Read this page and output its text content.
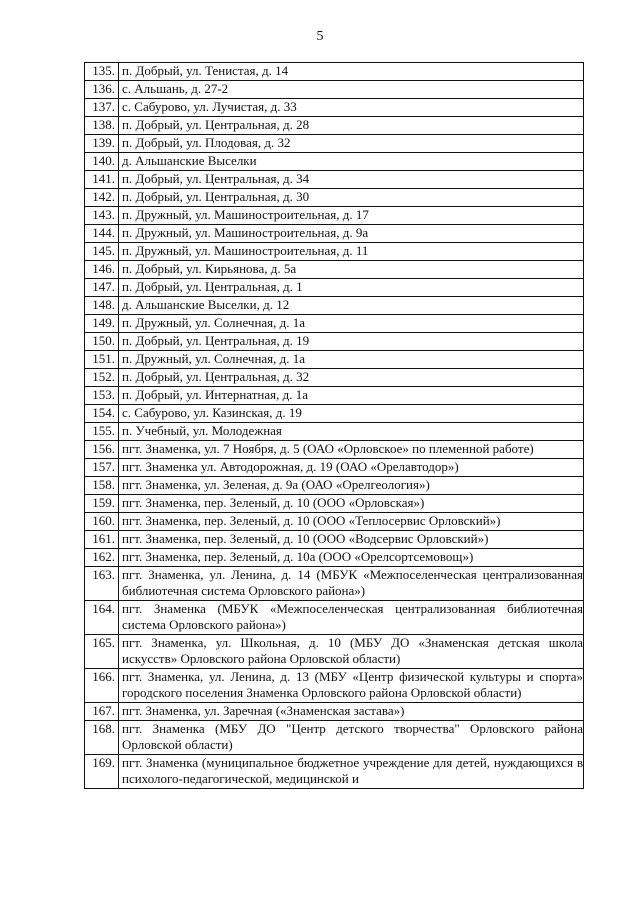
5
135.	п. Добрый, ул. Тенистая, д. 14
136.	с. Альшань, д. 27-2
137.	с. Сабурово, ул. Лучистая, д. 33
138.	п. Добрый, ул. Центральная, д. 28
139.	п. Добрый, ул. Плодовая, д. 32
140.	д. Альшанские Выселки
141.	п. Добрый, ул. Центральная, д. 34
142.	п. Добрый, ул. Центральная, д. 30
143.	п. Дружный, ул. Машиностроительная, д. 17
144.	п. Дружный, ул. Машиностроительная, д. 9а
145.	п. Дружный, ул. Машиностроительная, д. 11
146.	п. Добрый, ул. Кирьянова, д. 5а
147.	п. Добрый, ул. Центральная, д. 1
148.	д. Альшанские Выселки, д. 12
149.	п. Дружный, ул. Солнечная, д. 1а
150.	п. Добрый, ул. Центральная, д. 19
151.	п. Дружный, ул. Солнечная, д. 1а
152.	п. Добрый, ул. Центральная, д. 32
153.	п. Добрый, ул. Интернатная, д. 1а
154.	с. Сабурово, ул. Казинская, д. 19
155.	п. Учебный, ул. Молодежная
156.	пгт. Знаменка, ул. 7 Ноября, д. 5 (ОАО «Орловское» по племенной работе)
157.	пгт. Знаменка ул. Автодорожная, д. 19 (ОАО «Орелавтодор»)
158.	пгт. Знаменка, ул. Зеленая, д. 9а (ОАО «Орелгеология»)
159.	пгт. Знаменка, пер. Зеленый, д. 10 (ООО «Орловская»)
160.	пгт. Знаменка, пер. Зеленый, д. 10 (ООО «Теплосервис Орловский»)
161.	пгт. Знаменка, пер. Зеленый, д. 10 (ООО «Водсервис Орловский»)
162.	пгт. Знаменка, пер. Зеленый, д. 10а (ООО «Орелсортсемовощ»)
163.	пгт. Знаменка, ул. Ленина, д. 14 (МБУК «Межпоселенческая централизованная библиотечная система Орловского района»)
164.	пгт. Знаменка (МБУК «Межпоселенческая централизованная библиотечная система Орловского района»)
165.	пгт. Знаменка, ул. Школьная, д. 10 (МБУ ДО «Знаменская детская школа искусств» Орловского района Орловской области)
166.	пгт. Знаменка, ул. Ленина, д. 13 (МБУ «Центр физической культуры и спорта» городского поселения Знаменка Орловского района Орловской области)
167.	пгт. Знаменка, ул. Заречная («Знаменская застава»)
168.	пгт. Знаменка (МБУ ДО "Центр детского творчества" Орловского района Орловской области)
169.	пгт. Знаменка (муниципальное бюджетное учреждение для детей, нуждающихся в психолого-педагогической, медицинской и
